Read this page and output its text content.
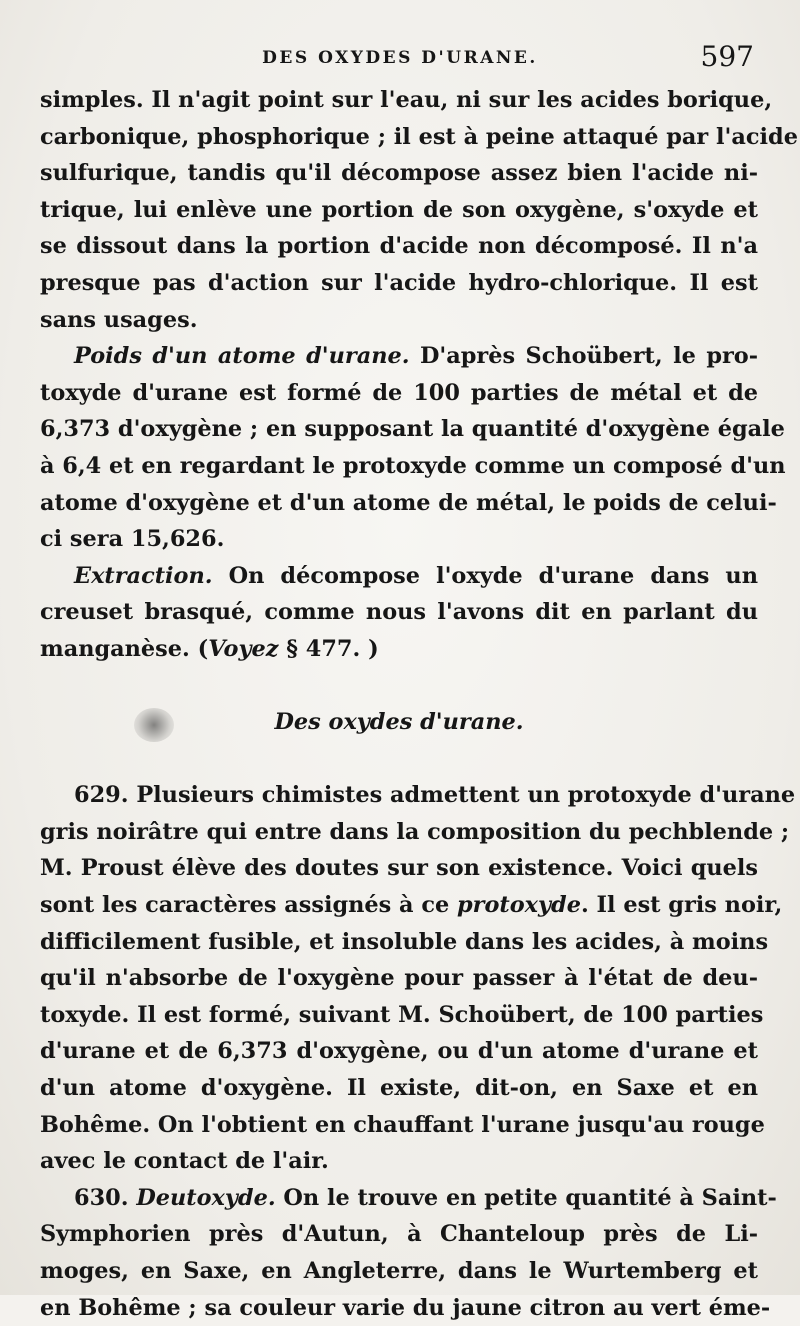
DES OXYDES D'URANE.	597
simples. Il n'agit point sur l'eau, ni sur les acides borique,
carbonique, phosphorique ; il est à peine attaqué par l'acide
sulfurique, tandis qu'il décompose assez bien l'acide ni-
trique, lui enlève une portion de son oxygène, s'oxyde et
se dissout dans la portion d'acide non décomposé. Il n'a
presque pas d'action sur l'acide hydro-chlorique. Il est
sans usages.
Poids d'un atome d'urane. D'après Schoübert, le pro-
toxyde d'urane est formé de 100 parties de métal et de
6,373 d'oxygène ; en supposant la quantité d'oxygène égale
à 6,4 et en regardant le protoxyde comme un composé d'un
atome d'oxygène et d'un atome de métal, le poids de celui-
ci sera 15,626.
Extraction. On décompose l'oxyde d'urane dans un
creuset brasqué, comme nous l'avons dit en parlant du
manganèse. (Voyez § 477. )
Des oxydes d'urane.
629. Plusieurs chimistes admettent un protoxyde d'urane
gris noirâtre qui entre dans la composition du pechblende ;
M. Proust élève des doutes sur son existence. Voici quels
sont les caractères assignés à ce protoxyde. Il est gris noir,
difficilement fusible, et insoluble dans les acides, à moins
qu'il n'absorbe de l'oxygène pour passer à l'état de deu-
toxyde. Il est formé, suivant M. Schoübert, de 100 parties
d'urane et de 6,373 d'oxygène, ou d'un atome d'urane et
d'un atome d'oxygène. Il existe, dit-on, en Saxe et en
Bohême. On l'obtient en chauffant l'urane jusqu'au rouge
avec le contact de l'air.
630. Deutoxyde. On le trouve en petite quantité à Saint-
Symphorien près d'Autun, à Chanteloup près de Li-
moges, en Saxe, en Angleterre, dans le Wurtemberg et
en Bohême ; sa couleur varie du jaune citron au vert éme-
